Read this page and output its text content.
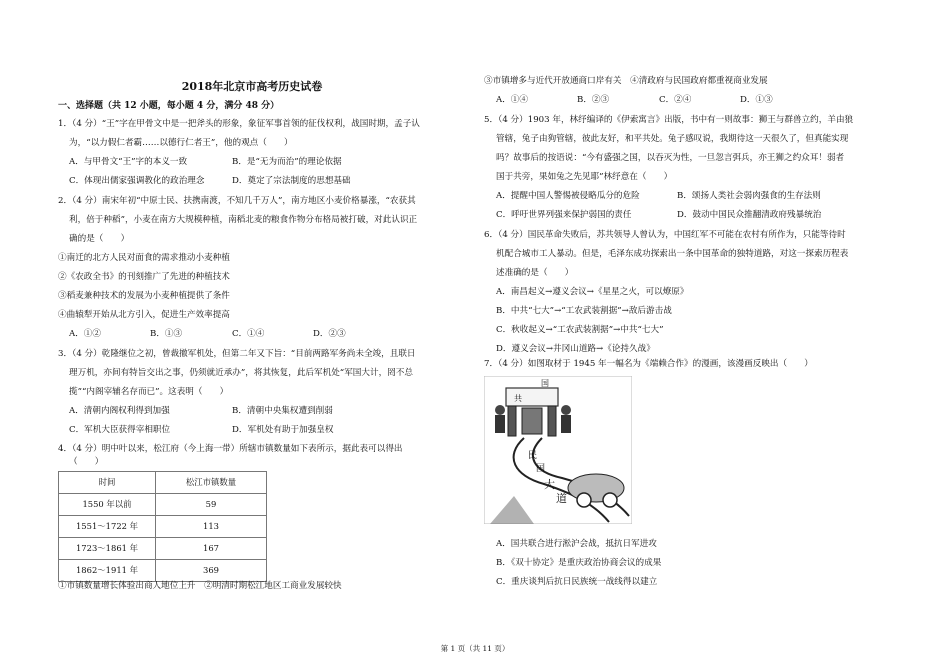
2018年北京市高考历史试卷
一、选择题（共 12 小题，每小题 4 分，满分 48 分）
1．（4 分）“王”字在甲骨文中是一把斧头的形象，象征军事首领的征伐权利，战国时期，孟子认
为，“以力假仁者霸……以德行仁者王”，他的观点（　　）
A．与甲骨文“王”字的本义一致	B．是“无为而治”的理论依据
C．体现出儒家强调教化的政治理念	D．奠定了宗法制度的思想基础
2．（4 分）南宋年初“中原士民、扶携南渡，不知几千万人”，南方地区小麦价格暴涨，“农获其
利，倍于种稻”，小麦在南方大规模种植，南稻北麦的粮食作物分布格局被打破，对此认识正
确的是（　　）
①南迁的北方人民对面食的需求推动小麦种植
②《农政全书》的刊刻推广了先进的种植技术
③稻麦兼种技术的发展为小麦种植提供了条件
④曲辕犁开始从北方引入，促进生产效率提高
A．①②	B．①③	C．①④	D．②③
3．（4 分）乾隆继位之初，曾裁撤军机处，但第二年又下旨：“目前两路军务尚未全竣，且联日
理万机，亦间有特旨交出之事，仍须就近承办”，将其恢复，此后军机处“军国大计，罔不总
揽”“内阁宰辅名存而已”。这表明（　　）
A．清朝内阁权利得到加强	B．清朝中央集权遭到削弱
C．军机大臣获得宰相职位	D．军机处有助于加强皇权
4．（4 分）明中叶以来，松江府（今上海一带）所辖市镇数量如下表所示，据此表可以得出
（　　）
时间	松江市镇数量
1550 年以前	59
1551～1722 年	113
1723～1861 年	167
1862～1911 年	369
①市镇数量增长体验出商人地位上升　②明清时期松江地区工商业发展较快
③市镇增多与近代开放通商口岸有关　④清政府与民国政府都重视商业发展
A．①④	B．②③	C．②④	D．①③
5．（4 分）1903 年，林纾编译的《伊索寓言》出版，书中有一则故事：狮王与群兽立约，羊由狼
管辖，兔子由狗管辖，彼此友好，和平共处。兔子感叹说，我期待这一天很久了，但真能实现
吗？故事后的按语说：“今有盛强之国，以吞灭为性，一旦忽言弭兵，亦王狮之约众耳！弱者
国于共旁，果如兔之先见耶”林纾意在（　　）
A．提醒中国人警惕被侵略瓜分的危险	B．颂扬人类社会弱肉强食的生存法则
C．呼吁世界列强来保护弱国的责任	D．鼓动中国民众推翻清政府残暴统治
6．（4 分）国民革命失败后，苏共领导人曾认为，中国红军不可能在农村有所作为，只能等待时
机配合城市工人暴动。但是，毛泽东成功探索出一条中国革命的独特道路，对这一探索历程表
述准确的是（　　）
A．南昌起义→遵义会议→《星星之火，可以燎原》
B．中共“七大”→“工农武装割据”→敌后游击战
C．秋收起义→“工农武装割据”→中共“七大”
D．遵义会议→井冈山道路→《论持久战》
7．（4 分）如图取材于 1945 年一幅名为《端赖合作》的漫画，该漫画反映出（　　）
共
国
民
国
大
道
A．国共联合进行淞沪会战，抵抗日军进攻
B．《双十协定》是重庆政治协商会议的成果
C．重庆谈判后抗日民族统一战线得以建立
第 1 页（共 11 页）
